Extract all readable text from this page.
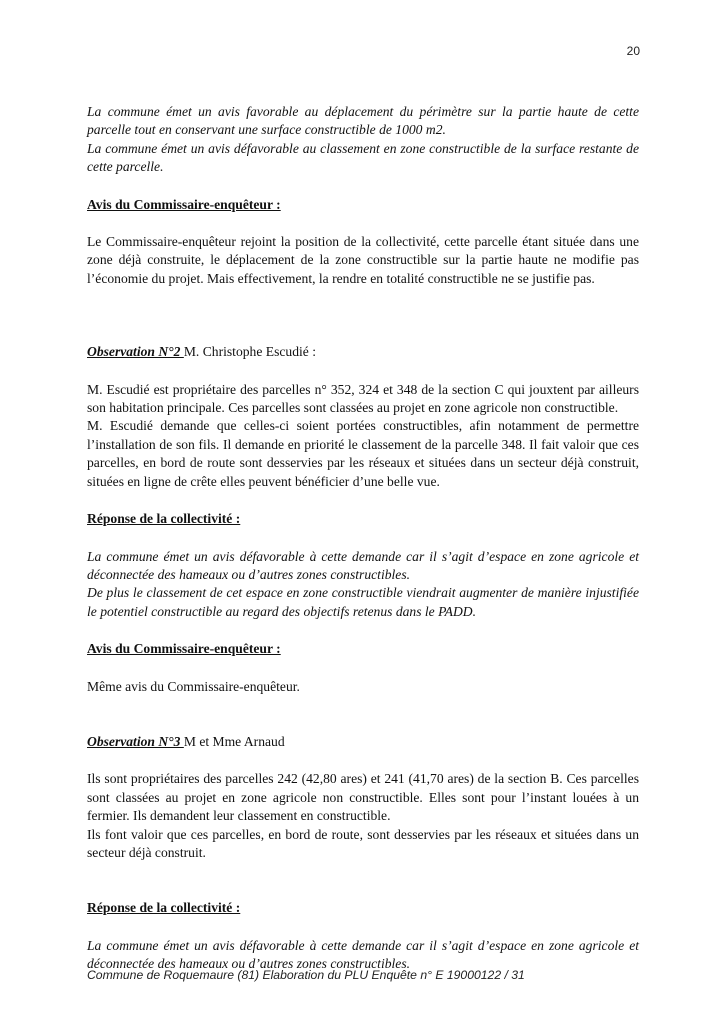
20

La commune émet un avis favorable au déplacement du périmètre sur la partie haute de cette parcelle tout en conservant une surface constructible de 1000 m2.

La commune émet un avis défavorable au classement en zone constructible de la surface restante de cette parcelle.

Avis du Commissaire-enquêteur :

Le Commissaire-enquêteur rejoint la position de la collectivité, cette parcelle étant située dans une zone déjà construite, le déplacement de la zone constructible sur la partie haute ne modifie pas l’économie du projet. Mais effectivement, la rendre en totalité constructible ne se justifie pas.

Observation N°2 M. Christophe Escudié :

M. Escudié est propriétaire des parcelles n° 352, 324 et 348 de la section C qui jouxtent par ailleurs son habitation principale. Ces parcelles sont classées au projet en zone agricole non constructible.

M. Escudié demande que celles-ci soient portées constructibles, afin notamment de permettre l’installation de son fils. Il demande en priorité le classement de la parcelle 348. Il fait valoir que ces parcelles, en bord de route sont desservies par les réseaux et situées dans un secteur déjà construit, situées en ligne de crête elles peuvent bénéficier d’une belle vue.

Réponse de la collectivité :

La commune émet un avis défavorable à cette demande car il s’agit d’espace en zone agricole et déconnectée des hameaux ou d’autres zones constructibles.

De plus le classement de cet espace en zone constructible viendrait augmenter de manière injustifiée le potentiel constructible au regard des objectifs retenus dans le PADD.

Avis du Commissaire-enquêteur :

Même avis du Commissaire-enquêteur.

Observation N°3 M et Mme Arnaud

Ils sont propriétaires des parcelles 242 (42,80 ares) et 241 (41,70 ares) de la section B. Ces parcelles sont classées au projet en zone agricole non constructible. Elles sont pour l’instant louées à un fermier. Ils demandent leur classement en constructible.

Ils font valoir que ces parcelles, en bord de route, sont desservies par les réseaux et situées dans un secteur déjà construit.

Réponse de la collectivité :

La commune émet un avis défavorable à cette demande car il s’agit d’espace en zone agricole et déconnectée des hameaux ou d’autres zones constructibles.

Commune de Roquemaure (81) Elaboration du PLU Enquête n° E 19000122 / 31
